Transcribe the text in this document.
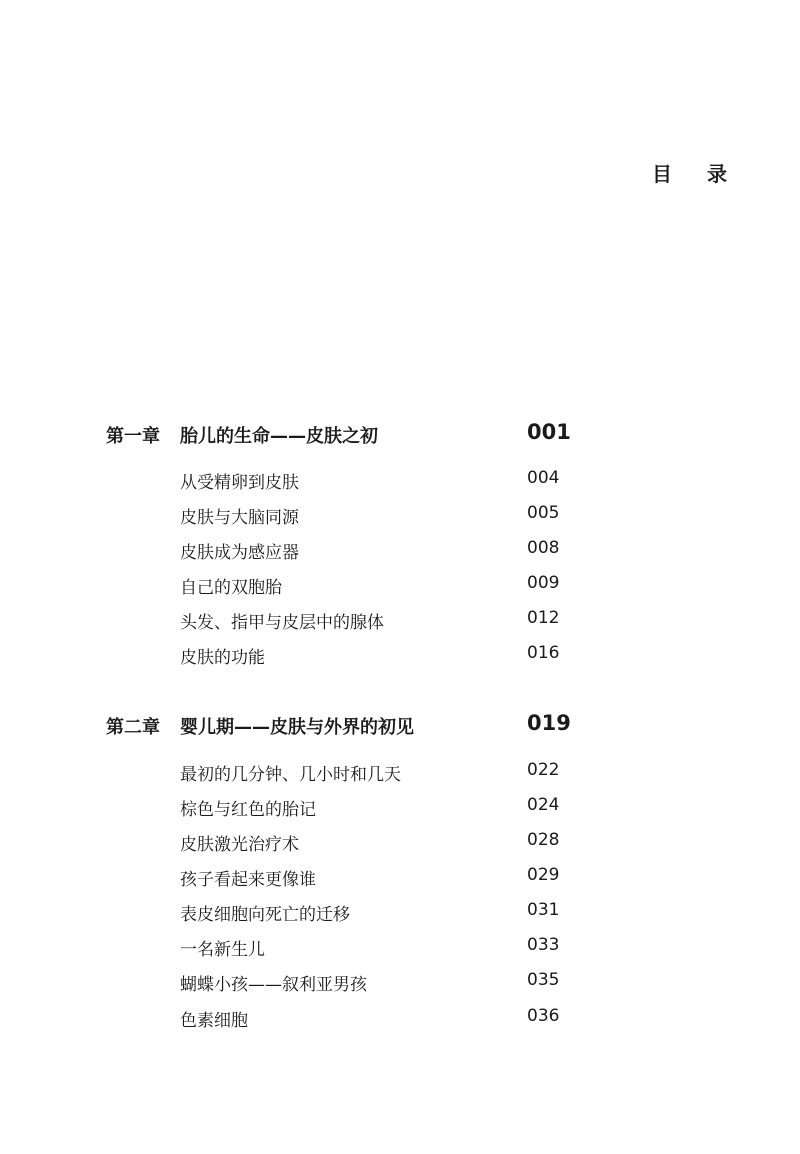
目 录
第一章 胎儿的生命——皮肤之初	001
从受精卵到皮肤	004
皮肤与大脑同源	005
皮肤成为感应器	008
自己的双胞胎	009
头发、指甲与皮层中的腺体	012
皮肤的功能	016
第二章 婴儿期——皮肤与外界的初见	019
最初的几分钟、几小时和几天	022
棕色与红色的胎记	024
皮肤激光治疗术	028
孩子看起来更像谁	029
表皮细胞向死亡的迁移	031
一名新生儿	033
蝴蝶小孩——叙利亚男孩	035
色素细胞	036
